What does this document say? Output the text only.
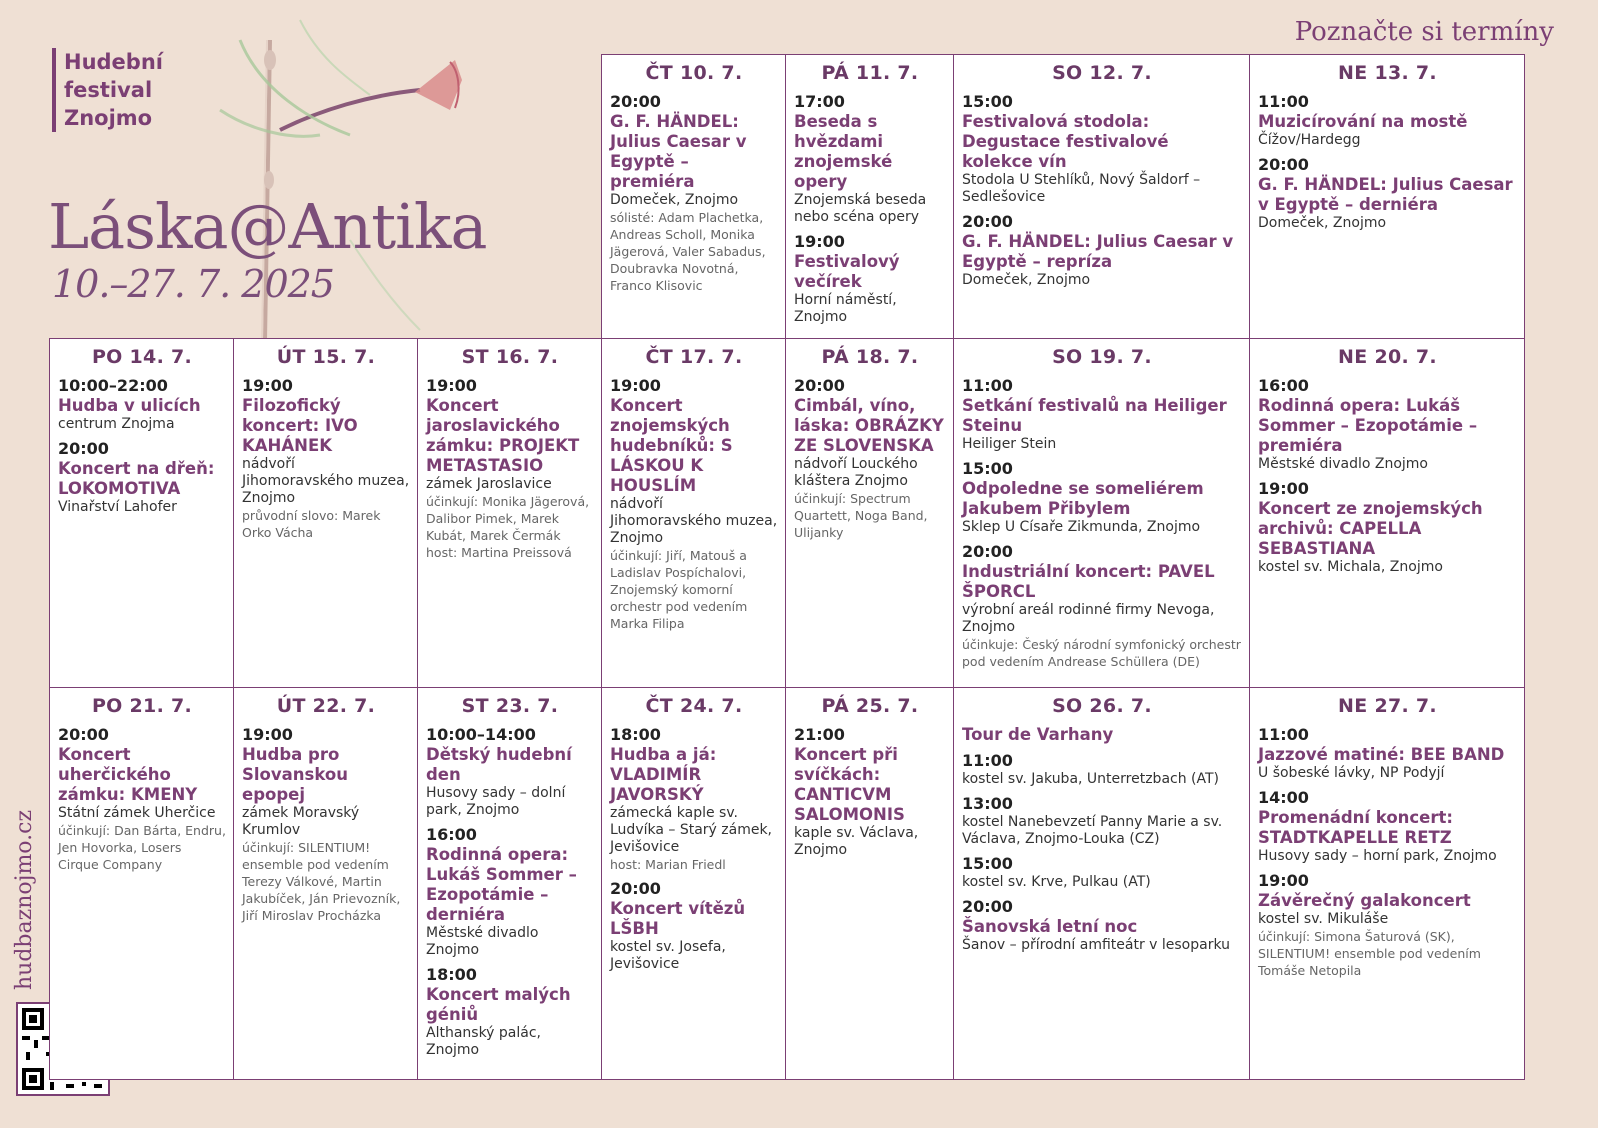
Hudební
festival
Znojmo
Láska@Antika
10.–27. 7. 2025
Poznačte si termíny
hudbaznojmo.cz
ČT 10. 7.
20:00
G. F. HÄNDEL: Julius Caesar v Egyptě – premiéra
Domeček, Znojmo
sólisté: Adam Plachetka, Andreas Scholl, Monika Jägerová, Valer Sabadus, Doubravka Novotná, Franco Klisovic
PÁ 11. 7.
17:00
Beseda s hvězdami znojemské opery
Znojemská beseda nebo scéna opery
19:00
Festivalový večírek
Horní náměstí, Znojmo
SO 12. 7.
15:00
Festivalová stodola: Degustace festivalové kolekce vín
Stodola U Stehlíků, Nový Šaldorf – Sedlešovice
20:00
G. F. HÄNDEL: Julius Caesar v Egyptě – repríza
Domeček, Znojmo
NE 13. 7.
11:00
Muzicírování na mostě
Čížov/Hardegg
20:00
G. F. HÄNDEL: Julius Caesar v Egyptě – derniéra
Domeček, Znojmo
PO 14. 7.
10:00–22:00
Hudba v ulicích
centrum Znojma
20:00
Koncert na dřeň: LOKOMOTIVA
Vinařství Lahofer
ÚT 15. 7.
19:00
Filozofický koncert: IVO KAHÁNEK
nádvoří Jihomoravského muzea, Znojmo
průvodní slovo: Marek Orko Vácha
ST 16. 7.
19:00
Koncert jaroslavického zámku: PROJEKT METASTASIO
zámek Jaroslavice
účinkují: Monika Jägerová, Dalibor Pimek, Marek Kubát, Marek Čermák host: Martina Preissová
ČT 17. 7.
19:00
Koncert znojemských hudebníků: S LÁSKOU K HOUSLÍM
nádvoří Jihomoravského muzea, Znojmo
účinkují: Jiří, Matouš a Ladislav Pospíchalovi, Znojemský komorní orchestr pod vedením Marka Filipa
PÁ 18. 7.
20:00
Cimbál, víno, láska: OBRÁZKY ZE SLOVENSKA
nádvoří Louckého kláštera Znojmo
účinkují: Spectrum Quartett, Noga Band, Ulijanky
SO 19. 7.
11:00
Setkání festivalů na Heiliger Steinu
Heiliger Stein
15:00
Odpoledne se someliérem Jakubem Přibylem
Sklep U Císaře Zikmunda, Znojmo
20:00
Industriální koncert: PAVEL ŠPORCL
výrobní areál rodinné firmy Nevoga, Znojmo
účinkuje: Český národní symfonický orchestr pod vedením Andrease Schüllera (DE)
NE 20. 7.
16:00
Rodinná opera: Lukáš Sommer – Ezopotámie – premiéra
Městské divadlo Znojmo
19:00
Koncert ze znojemských archivů: CAPELLA SEBASTIANA
kostel sv. Michala, Znojmo
PO 21. 7.
20:00
Koncert uherčického zámku: KMENY
Státní zámek Uherčice
účinkují: Dan Bárta, Endru, Jen Hovorka, Losers Cirque Company
ÚT 22. 7.
19:00
Hudba pro Slovanskou epopej
zámek Moravský Krumlov
účinkují: SILENTIUM! ensemble pod vedením Terezy Válkové, Martin Jakubíček, Ján Prievozník, Jiří Miroslav Procházka
ST 23. 7.
10:00–14:00
Dětský hudební den
Husovy sady – dolní park, Znojmo
16:00
Rodinná opera: Lukáš Sommer – Ezopotámie – derniéra
Městské divadlo Znojmo
18:00
Koncert malých géniů
Althanský palác, Znojmo
ČT 24. 7.
18:00
Hudba a já: VLADIMÍR JAVORSKÝ
zámecká kaple sv. Ludvíka – Starý zámek, Jevišovice
host: Marian Friedl
20:00
Koncert vítězů LŠBH
kostel sv. Josefa, Jevišovice
PÁ 25. 7.
21:00
Koncert při svíčkách: CANTICVM SALOMONIS
kaple sv. Václava, Znojmo
SO 26. 7.
Tour de Varhany
11:00
kostel sv. Jakuba, Unterretzbach (AT)
13:00
kostel Nanebevzetí Panny Marie a sv. Václava, Znojmo-Louka (CZ)
15:00
kostel sv. Krve, Pulkau (AT)
20:00
Šanovská letní noc
Šanov – přírodní amfiteátr v lesoparku
NE 27. 7.
11:00
Jazzové matiné: BEE BAND
U šobeské lávky, NP Podyjí
14:00
Promenádní koncert: STADTKAPELLE RETZ
Husovy sady – horní park, Znojmo
19:00
Závěrečný galakoncert
kostel sv. Mikuláše
účinkují: Simona Šaturová (SK), SILENTIUM! ensemble pod vedením Tomáše Netopila
